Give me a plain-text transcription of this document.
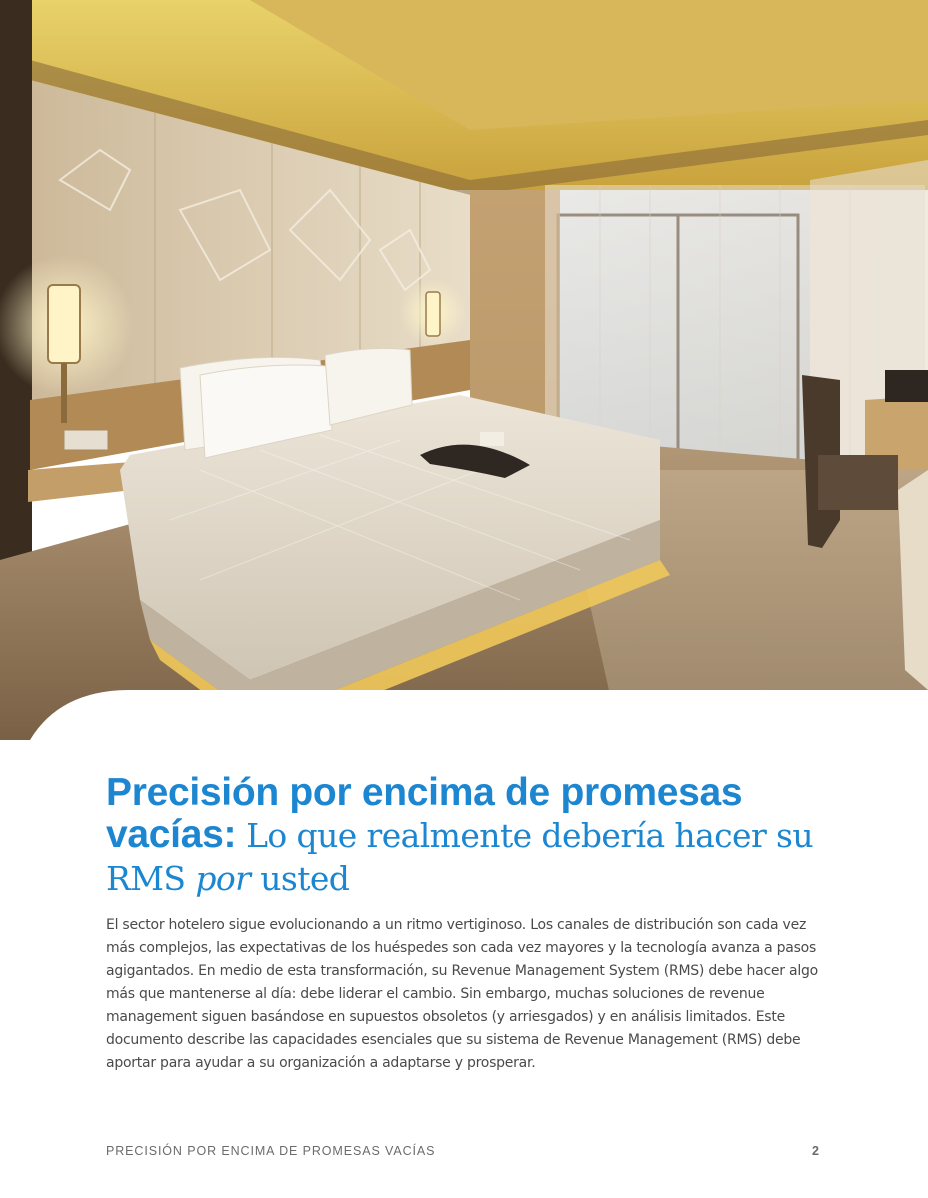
Precisión por encima de promesas vacías: Lo que realmente debería hacer su RMS por usted

El sector hotelero sigue evolucionando a un ritmo vertiginoso. Los canales de distribución son cada vez más complejos, las expectativas de los huéspedes son cada vez mayores y la tecnología avanza a pasos agigantados. En medio de esta transformación, su Revenue Management System (RMS) debe hacer algo más que mantenerse al día: debe liderar el cambio. Sin embargo, muchas soluciones de revenue management siguen basándose en supuestos obsoletos (y arriesgados) y en análisis limitados. Este documento describe las capacidades esenciales que su sistema de Revenue Management (RMS) debe aportar para ayudar a su organización a adaptarse y prosperar.

PRECISIÓN POR ENCIMA DE PROMESAS VACÍAS	2
